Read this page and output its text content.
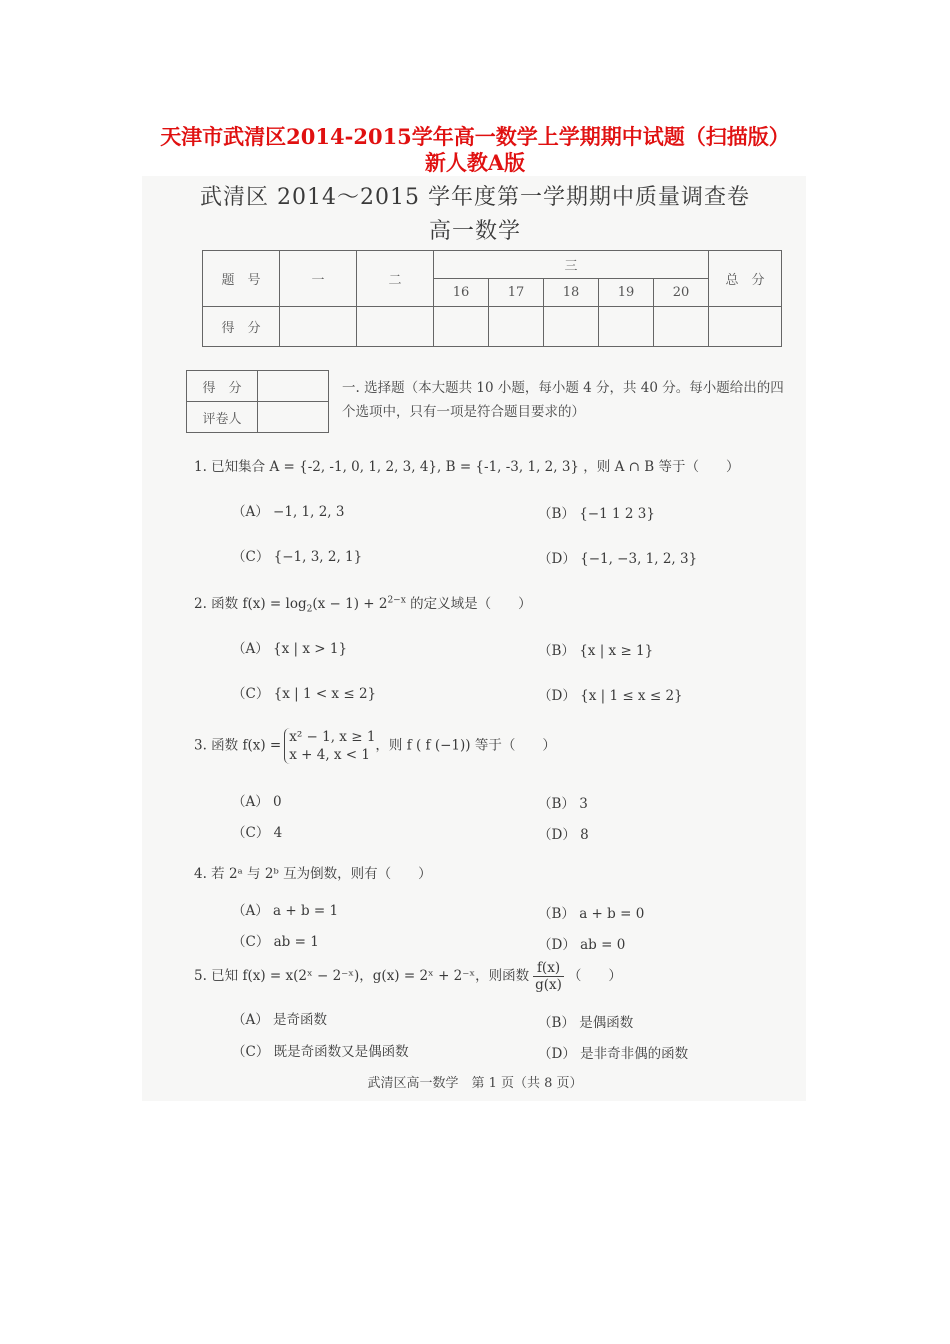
天津市武清区2014-2015学年高一数学上学期期中试题（扫描版）
新人教A版
武清区 2014～2015 学年度第一学期期中质量调查卷
高一数学
题　号	一	二	三					总　分
			16	17	18	19	20	
得　分								
得　分	
评卷人	
一. 选择题（本大题共 10 小题，每小题 4 分，共 40 分。每小题给出的四个选项中，只有一项是符合题目要求的）
1. 已知集合 A = {-2, -1, 0, 1, 2, 3, 4}, B = {-1, -3, 1, 2, 3} ，则 A ∩ B 等于（　　）
（A） −1, 1, 2, 3	（B） {−1 1 2 3}
（C） {−1, 3, 2, 1}	（D） {−1, −3, 1, 2, 3}
2. 函数 $f(x) = \log_2(x - 1) + 2^{2-x}$ 的定义域是（　　）
（A） {x | x > 1}	（B） {x | x ≥ 1}
（C） {x | 1 < x ≤ 2}	（D） {x | 1 ≤ x ≤ 2}
3. 函数 f(x) =
x² − 1, x ≥ 1
x + 4, x < 1
，则 f ( f (−1)) 等于（　　）
（A） 0	（B） 3
（C） 4	（D） 8
4. 若 2ᵃ 与 2ᵇ 互为倒数，则有（　　）
（A） a + b = 1	（B） a + b = 0
（C） ab = 1	（D） ab = 0
5. 已知 f(x) = x(2ˣ − 2⁻ˣ)，g(x) = 2ˣ + 2⁻ˣ，则函数 $\frac{f(x)}{g(x)}$ （　　）
（A） 是奇函数	（B） 是偶函数
（C） 既是奇函数又是偶函数	（D） 是非奇非偶的函数
武清区高一数学　第 1 页（共 8 页）
